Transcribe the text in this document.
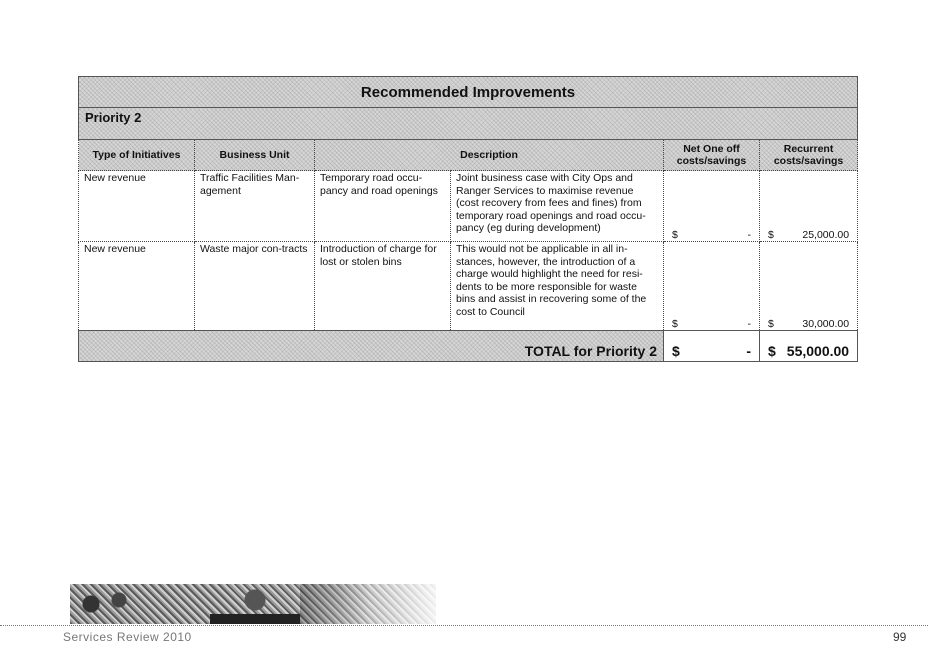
Recommended Improvements					
Priority 2					
Type of Initiatives	Business Unit	Description		Net One off costs/savings	Recurrent costs/savings
New revenue	Traffic Facilities Man-agement	Temporary road occu-pancy and road openings	Joint business case with City Ops and Ranger Services to maximise revenue (cost recovery from fees and fines) from temporary road openings and road occu-pancy (eg during development)	$ -	$ 25,000.00

New revenue	Waste major con-tracts	Introduction of charge for lost or stolen bins	This would not be applicable in all in-stances, however, the introduction of a charge would highlight the need for resi-dents to be more responsible for waste bins and assist in recovering some of the cost to Council	$ -	$ 30,000.00

TOTAL for Priority 2				$ -	$ 55,000.00
Services Review 2010	99
